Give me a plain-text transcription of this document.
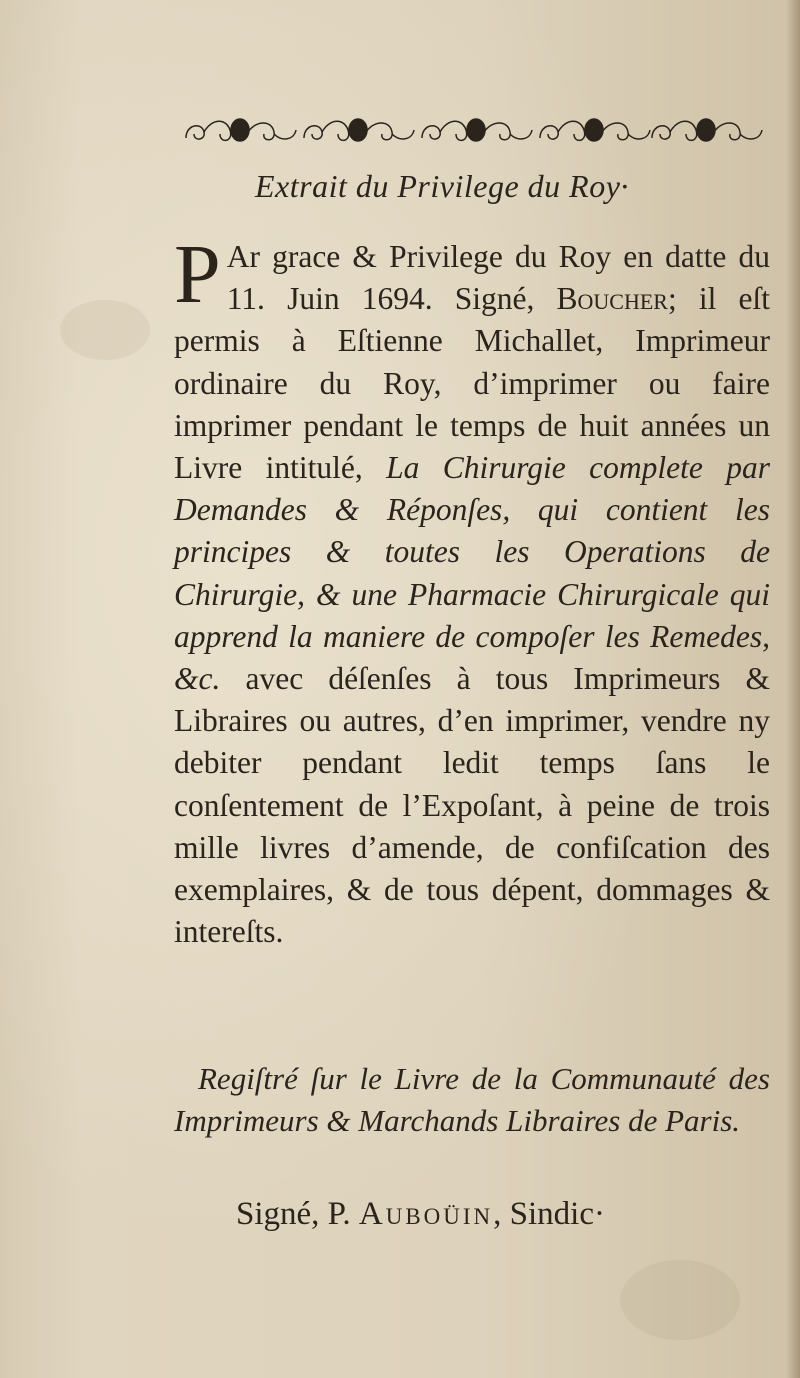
Extrait du Privilege du Roy·
P Ar grace & Privilege du Roy en datte du 11. Juin 1694. Signé, Boucher; il eſt permis à Eſtienne Michallet, Imprimeur ordinaire du Roy, d’imprimer ou faire imprimer pendant le temps de huit années un Livre intitulé, La Chirurgie complete par Demandes & Réponſes, qui contient les principes & toutes les Operations de Chirurgie, & une Pharmacie Chirurgicale qui apprend la maniere de compoſer les Remedes, &c. avec déſenſes à tous Imprimeurs & Libraires ou autres, d’en imprimer, vendre ny debiter pendant ledit temps ſans le conſentement de l’Expoſant, à peine de trois mille livres d’amende, de confiſcation des exemplaires, & de tous dépent, dommages & intereſts.
Regiſtré ſur le Livre de la Communauté des Imprimeurs & Marchands Libraires de Paris.
Signé, P. Auboüin, Sindic·
